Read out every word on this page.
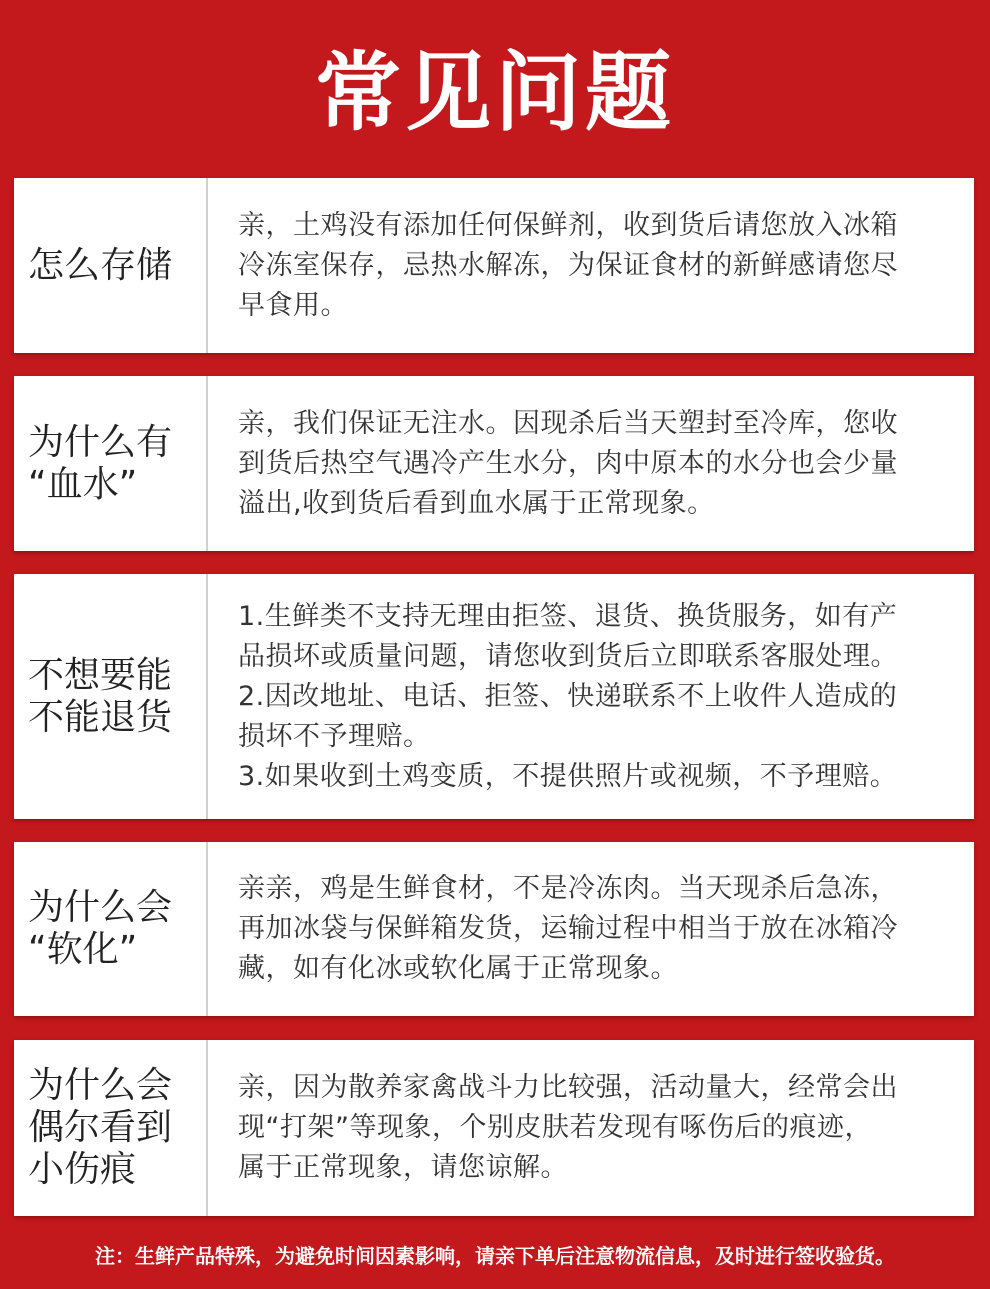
常见问题
怎么存储
亲，土鸡没有添加任何保鲜剂，收到货后请您放入冰箱
冷冻室保存，忌热水解冻，为保证食材的新鲜感请您尽
早食用。
为什么有
“血水”
亲，我们保证无注水。因现杀后当天塑封至冷库，您收
到货后热空气遇冷产生水分，肉中原本的水分也会少量
溢出,收到货后看到血水属于正常现象。
不想要能
不能退货
1.生鲜类不支持无理由拒签、退货、换货服务，如有产
品损坏或质量问题，请您收到货后立即联系客服处理。
2.因改地址、电话、拒签、快递联系不上收件人造成的
损坏不予理赔。
3.如果收到土鸡变质，不提供照片或视频，不予理赔。
为什么会
“软化”
亲亲，鸡是生鲜食材，不是冷冻肉。当天现杀后急冻，
再加冰袋与保鲜箱发货，运输过程中相当于放在冰箱冷
藏，如有化冰或软化属于正常现象。
为什么会
偶尔看到
小伤痕
亲，因为散养家禽战斗力比较强，活动量大，经常会出
现“打架”等现象，个别皮肤若发现有啄伤后的痕迹，
属于正常现象，请您谅解。
注：生鲜产品特殊，为避免时间因素影响，请亲下单后注意物流信息，及时进行签收验货。
